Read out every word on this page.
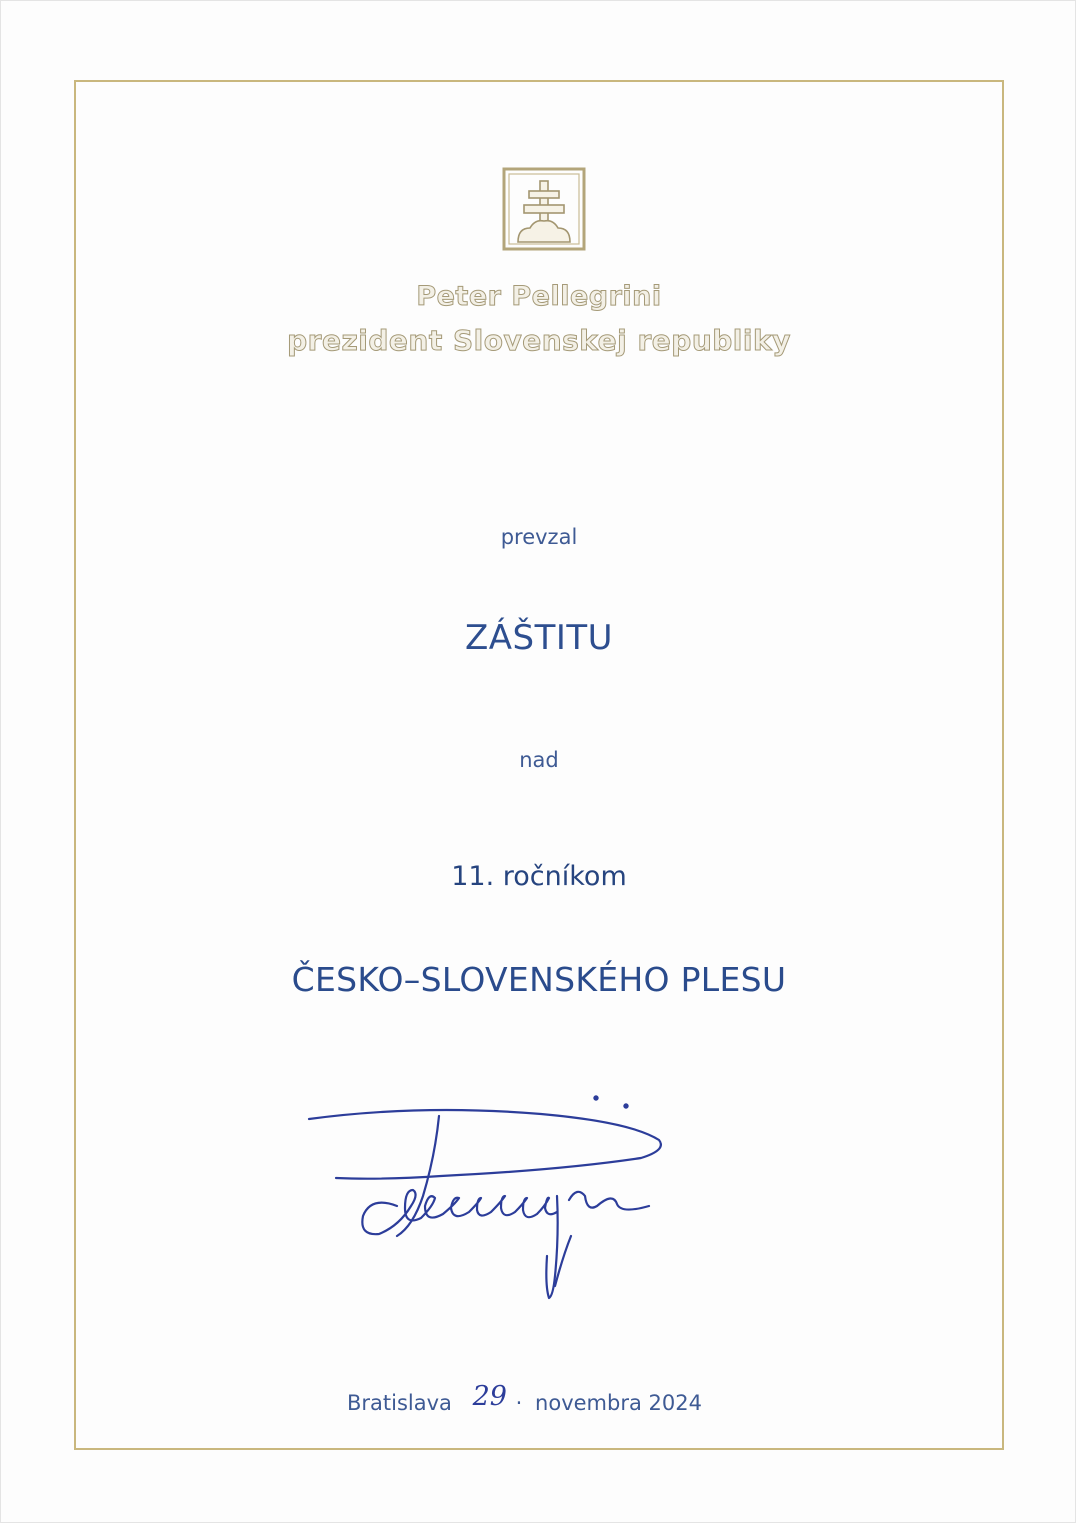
Peter Pellegrini
prezident Slovenskej republiky
prevzal
ZÁŠTITU
nad
11. ročníkom
ČESKO–SLOVENSKÉHO PLESU
Bratislava 29 · novembra 2024
